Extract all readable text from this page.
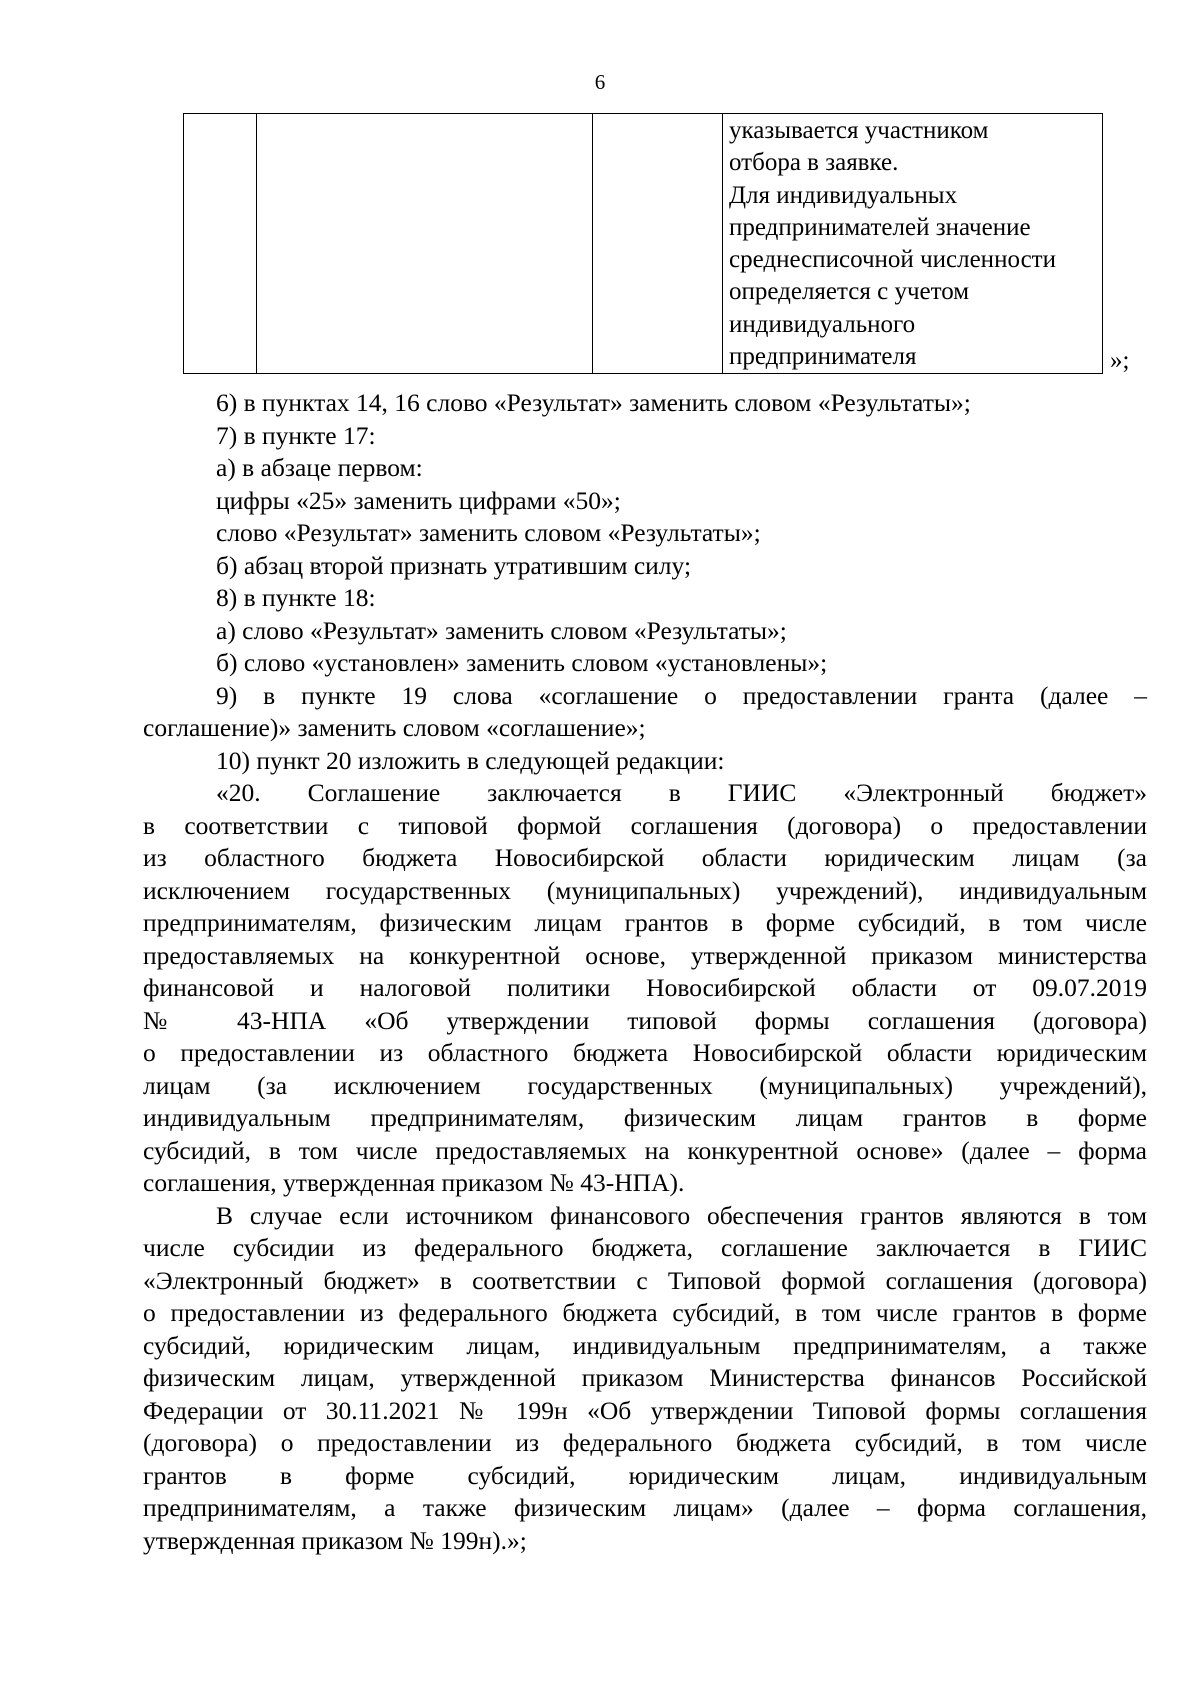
6

указывается участником
отбора в заявке.
Для индивидуальных
предпринимателей значение
среднесписочной численности
определяется с учетом
индивидуального
предпринимателя	»;
6) в пунктах 14, 16 слово «Результат» заменить словом «Результаты»;
7) в пункте 17:
а) в абзаце первом:
цифры «25» заменить цифрами «50»;
слово «Результат» заменить словом «Результаты»;
б) абзац второй признать утратившим силу;
8) в пункте 18:
а) слово «Результат» заменить словом «Результаты»;
б) слово «установлен» заменить словом «установлены»;
9) в пункте 19 слова «соглашение о предоставлении гранта (далее –
соглашение)» заменить словом «соглашение»;
10) пункт 20 изложить в следующей редакции:
«20. Соглашение заключается в ГИИС «Электронный бюджет»
в соответствии с типовой формой соглашения (договора) о предоставлении
из областного бюджета Новосибирской области юридическим лицам (за
исключением государственных (муниципальных) учреждений), индивидуальным
предпринимателям, физическим лицам грантов в форме субсидий, в том числе
предоставляемых на конкурентной основе, утвержденной приказом министерства
финансовой и налоговой политики Новосибирской области от 09.07.2019
№ 43-НПА «Об утверждении типовой формы соглашения (договора)
о предоставлении из областного бюджета Новосибирской области юридическим
лицам (за исключением государственных (муниципальных) учреждений),
индивидуальным предпринимателям, физическим лицам грантов в форме
субсидий, в том числе предоставляемых на конкурентной основе» (далее – форма
соглашения, утвержденная приказом № 43-НПА).
В случае если источником финансового обеспечения грантов являются в том
числе субсидии из федерального бюджета, соглашение заключается в ГИИС
«Электронный бюджет» в соответствии с Типовой формой соглашения (договора)
о предоставлении из федерального бюджета субсидий, в том числе грантов в форме
субсидий, юридическим лицам, индивидуальным предпринимателям, а также
физическим лицам, утвержденной приказом Министерства финансов Российской
Федерации от 30.11.2021 № 199н «Об утверждении Типовой формы соглашения
(договора) о предоставлении из федерального бюджета субсидий, в том числе
грантов в форме субсидий, юридическим лицам, индивидуальным
предпринимателям, а также физическим лицам» (далее – форма соглашения,
утвержденная приказом № 199н).»;
